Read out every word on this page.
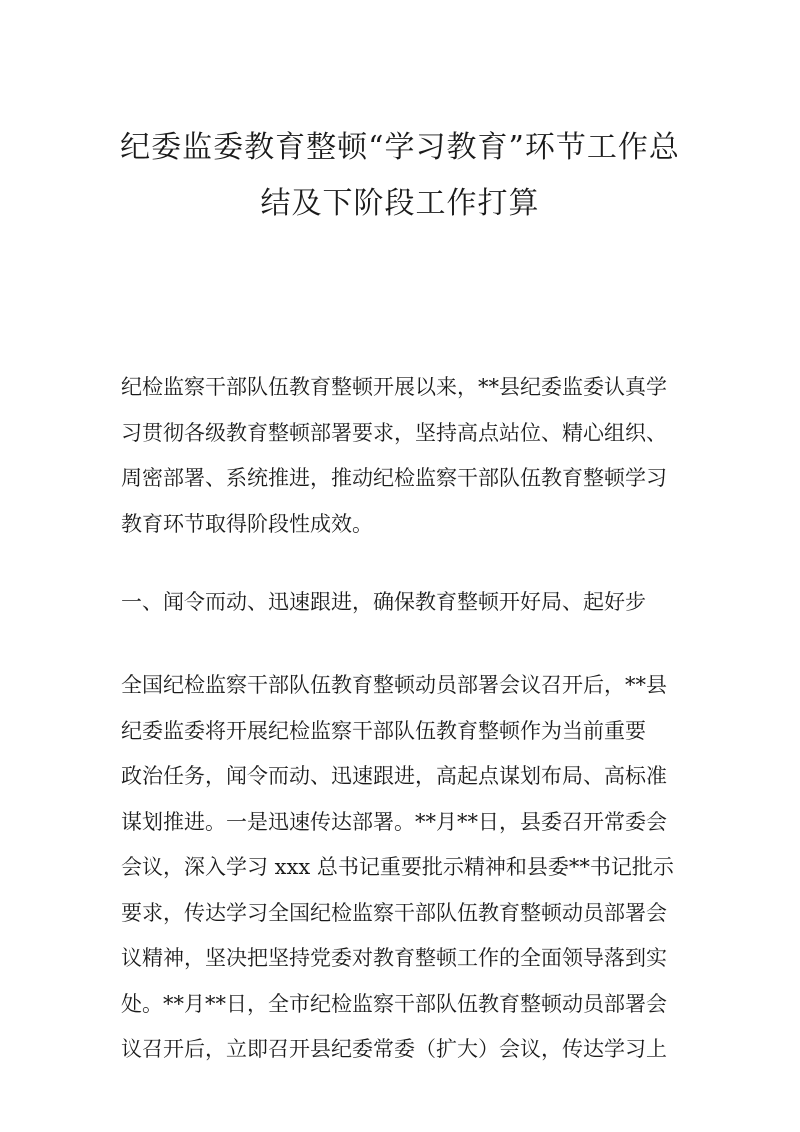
纪委监委教育整顿“学习教育”环节工作总
结及下阶段工作打算
纪检监察干部队伍教育整顿开展以来，**县纪委监委认真学
习贯彻各级教育整顿部署要求，坚持高点站位、精心组织、
周密部署、系统推进，推动纪检监察干部队伍教育整顿学习
教育环节取得阶段性成效。
一、闻令而动、迅速跟进，确保教育整顿开好局、起好步
全国纪检监察干部队伍教育整顿动员部署会议召开后，**县
纪委监委将开展纪检监察干部队伍教育整顿作为当前重要
政治任务，闻令而动、迅速跟进，高起点谋划布局、高标准
谋划推进。一是迅速传达部署。**月**日，县委召开常委会
会议，深入学习 xxx 总书记重要批示精神和县委**书记批示
要求，传达学习全国纪检监察干部队伍教育整顿动员部署会
议精神，坚决把坚持党委对教育整顿工作的全面领导落到实
处。**月**日，全市纪检监察干部队伍教育整顿动员部署会
议召开后，立即召开县纪委常委（扩大）会议，传达学习上
